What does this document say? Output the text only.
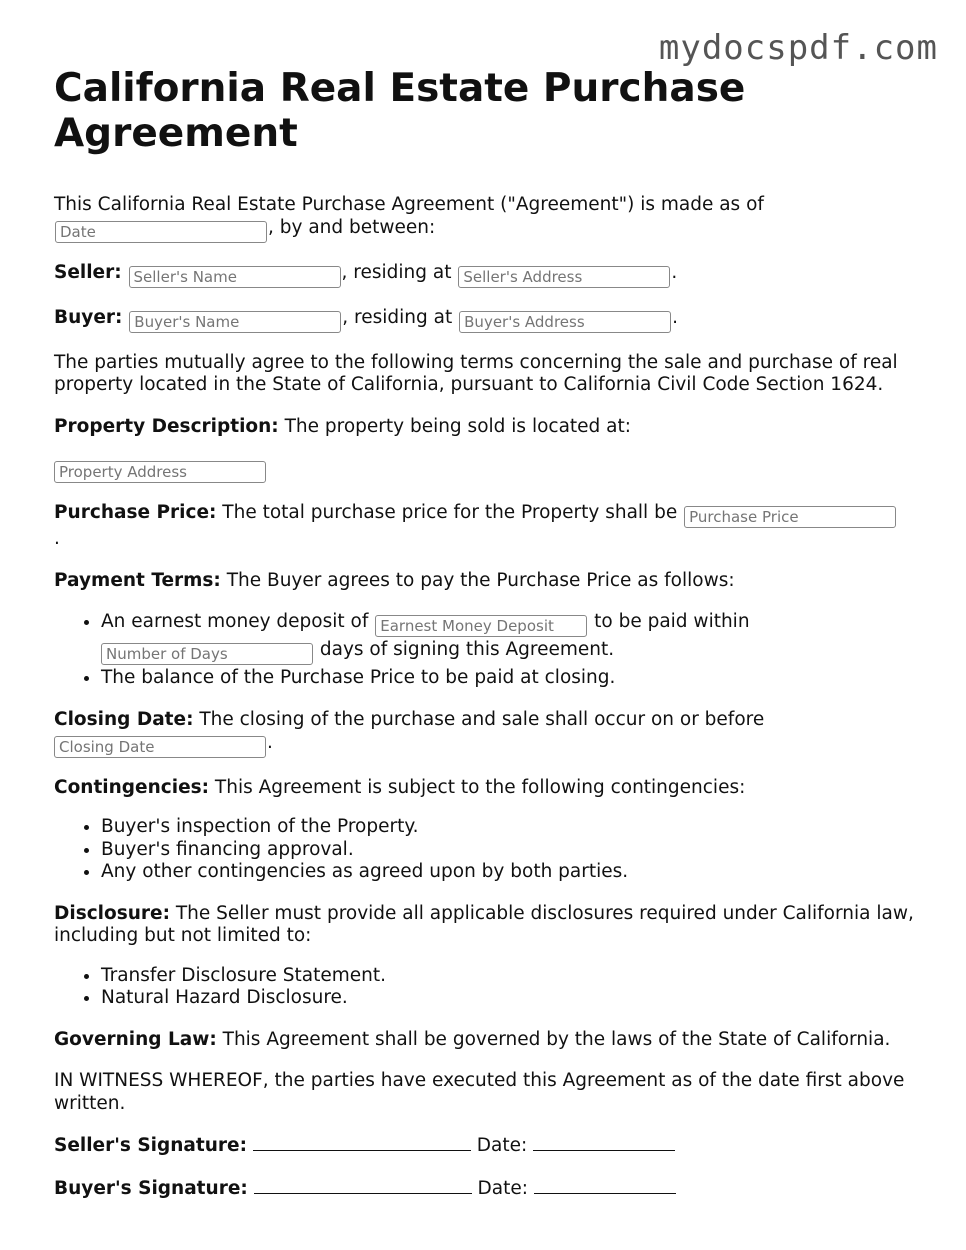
mydocspdf.com
California Real Estate Purchase Agreement

This California Real Estate Purchase Agreement ("Agreement") is made as of
Date, by and between:

Seller: Seller's Name	, residing at Seller's Address	.

Buyer: Buyer's Name	, residing at Buyer's Address	.

The parties mutually agree to the following terms concerning the sale and purchase of real property located in the State of California, pursuant to California Civil Code Section 1624.

Property Description: The property being sold is located at:

Property Address

Purchase Price: The total purchase price for the Property shall be Purchase Price
.

Payment Terms: The Buyer agrees to pay the Purchase Price as follows:

• An earnest money deposit of Earnest Money Deposit	to be paid within
Number of Days days of signing this Agreement.
• The balance of the Purchase Price to be paid at closing.

Closing Date: The closing of the purchase and sale shall occur on or before
Closing Date.

Contingencies: This Agreement is subject to the following contingencies:

• Buyer's inspection of the Property.
• Buyer's financing approval.
• Any other contingencies as agreed upon by both parties.

Disclosure: The Seller must provide all applicable disclosures required under California law, including but not limited to:

• Transfer Disclosure Statement.
• Natural Hazard Disclosure.

Governing Law: This Agreement shall be governed by the laws of the State of California.

IN WITNESS WHEREOF, the parties have executed this Agreement as of the date first above written.

Seller's Signature:	Date:

Buyer's Signature:	Date:
